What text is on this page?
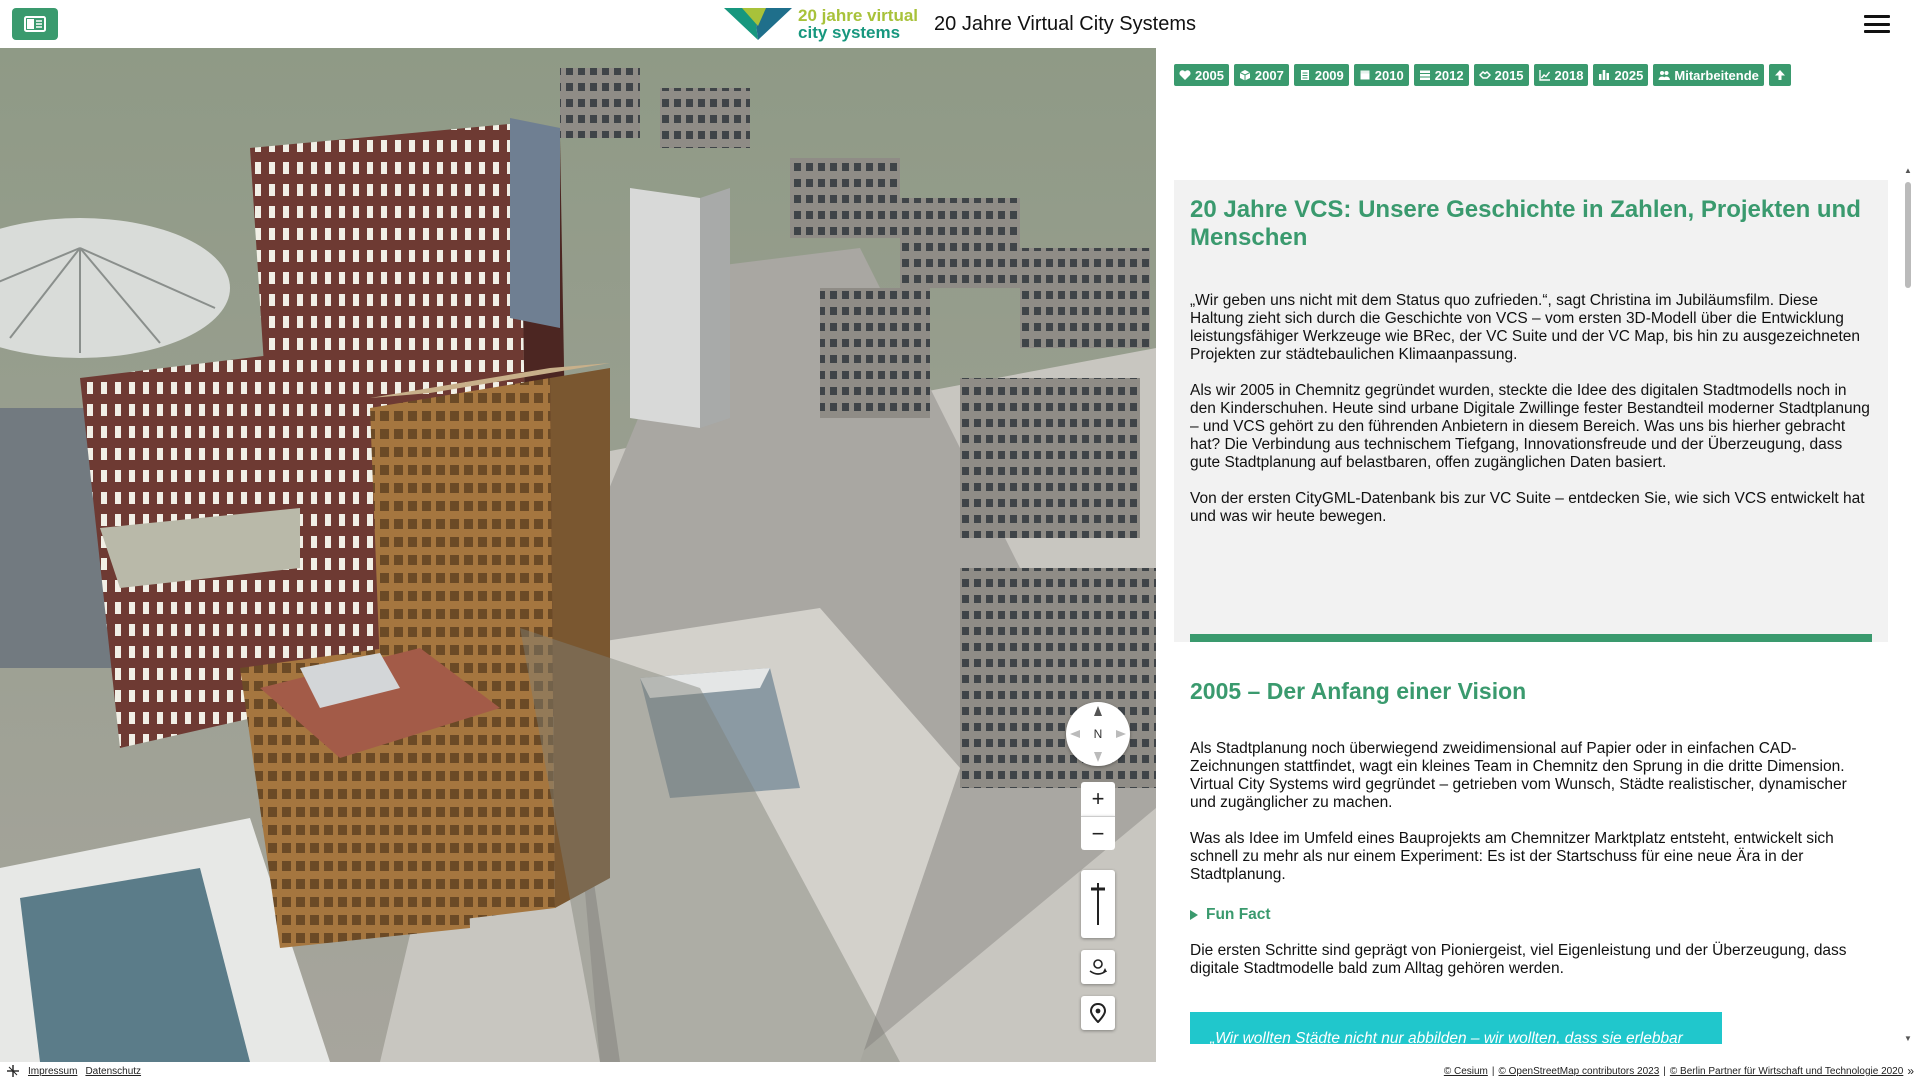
20 jahre virtual
city systems	20 Jahre Virtual City Systems
N
+
−
2005 2007 2009 2010 2012 2015 2018 2025 Mitarbeitende
20 Jahre VCS: Unsere Geschichte in Zahlen, Projekten und Menschen

„Wir geben uns nicht mit dem Status quo zufrieden.“, sagt Christina im Jubiläumsfilm. Diese Haltung zieht sich durch die Geschichte von VCS – vom ersten 3D-Modell über die Entwicklung leistungsfähiger Werkzeuge wie BRec, der VC Suite und der VC Map, bis hin zu ausgezeichneten Projekten zur städtebaulichen Klimaanpassung.

Als wir 2005 in Chemnitz gegründet wurden, steckte die Idee des digitalen Stadtmodells noch in den Kinderschuhen. Heute sind urbane Digitale Zwillinge fester Bestandteil moderner Stadtplanung – und VCS gehört zu den führenden Anbietern in diesem Bereich. Was uns bis hierher gebracht hat? Die Verbindung aus technischem Tiefgang, Innovationsfreude und der Überzeugung, dass gute Stadtplanung auf belastbaren, offen zugänglichen Daten basiert.

Von der ersten CityGML-Datenbank bis zur VC Suite – entdecken Sie, wie sich VCS entwickelt hat und was wir heute bewegen.

2005 – Der Anfang einer Vision

Als Stadtplanung noch überwiegend zweidimensional auf Papier oder in einfachen CAD-Zeichnungen stattfindet, wagt ein kleines Team in Chemnitz den Sprung in die dritte Dimension. Virtual City Systems wird gegründet – getrieben vom Wunsch, Städte realistischer, dynamischer und zugänglicher zu machen.

Was als Idee im Umfeld eines Bauprojekts am Chemnitzer Marktplatz entsteht, entwickelt sich schnell zu mehr als nur einem Experiment: Es ist der Startschuss für eine neue Ära in der Stadtplanung.

Fun Fact

Die ersten Schritte sind geprägt von Pioniergeist, viel Eigenleistung und der Überzeugung, dass digitale Stadtmodelle bald zum Alltag gehören werden.

„Wir wollten Städte nicht nur abbilden – wir wollten, dass sie erlebbar
▲
▼
Impressum Datenschutz	© Cesium | © OpenStreetMap contributors 2023 | © Berlin Partner für Wirtschaft und Technologie 2020 »
